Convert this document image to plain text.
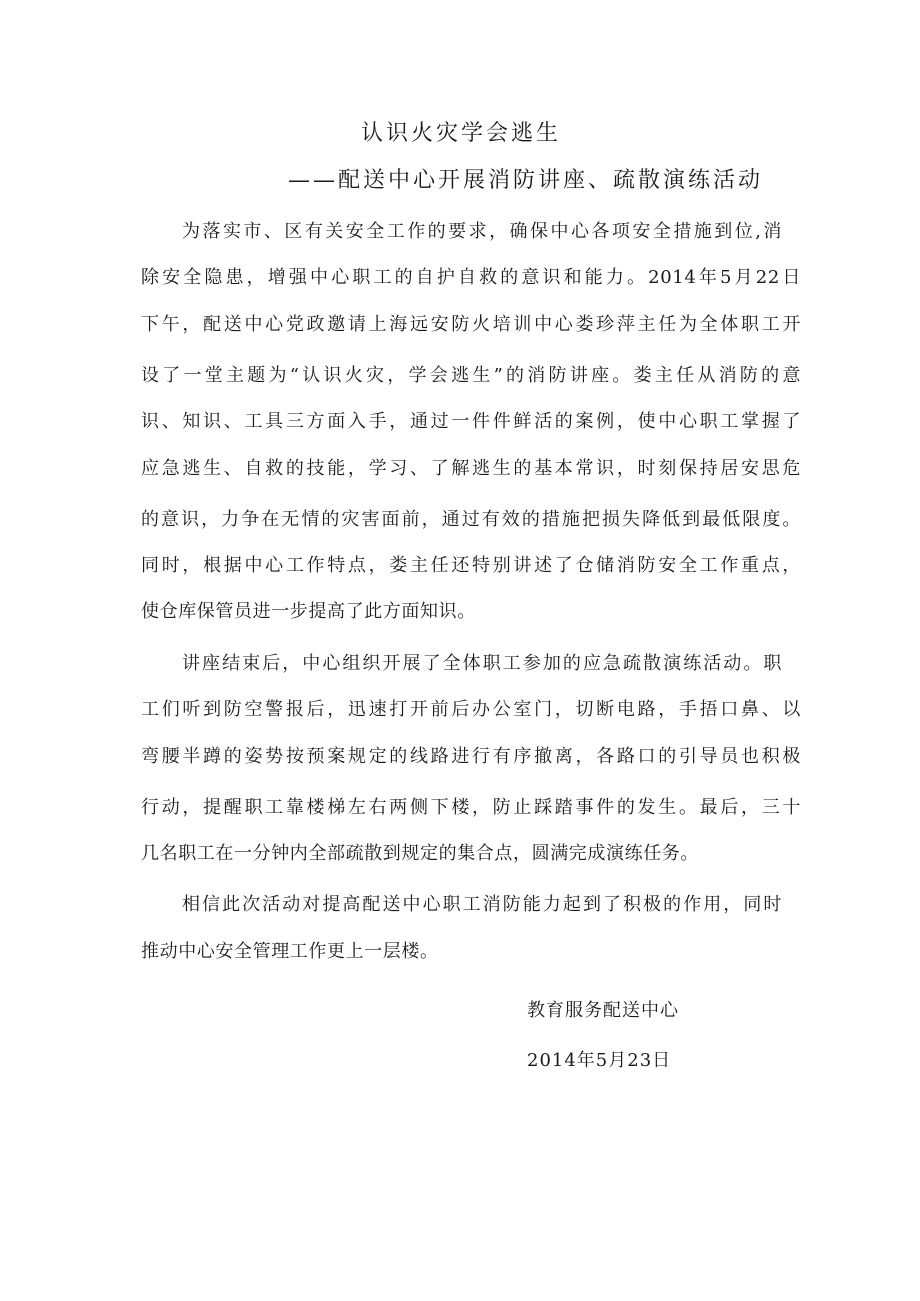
认识火灾学会逃生
——配送中心开展消防讲座、疏散演练活动
为落实市、区有关安全工作的要求，确保中心各项安全措施到位,消
除安全隐患，增强中心职工的自护自救的意识和能力。2014年5月22日
下午，配送中心党政邀请上海远安防火培训中心娄珍萍主任为全体职工开
设了一堂主题为“认识火灾，学会逃生”的消防讲座。娄主任从消防的意
识、知识、工具三方面入手，通过一件件鲜活的案例，使中心职工掌握了
应急逃生、自救的技能，学习、了解逃生的基本常识，时刻保持居安思危
的意识，力争在无情的灾害面前，通过有效的措施把损失降低到最低限度。
同时，根据中心工作特点，娄主任还特别讲述了仓储消防安全工作重点，
使仓库保管员进一步提高了此方面知识。
讲座结束后，中心组织开展了全体职工参加的应急疏散演练活动。职
工们听到防空警报后，迅速打开前后办公室门，切断电路，手捂口鼻、以
弯腰半蹲的姿势按预案规定的线路进行有序撤离，各路口的引导员也积极
行动，提醒职工靠楼梯左右两侧下楼，防止踩踏事件的发生。最后，三十
几名职工在一分钟内全部疏散到规定的集合点，圆满完成演练任务。
相信此次活动对提高配送中心职工消防能力起到了积极的作用，同时
推动中心安全管理工作更上一层楼。
教育服务配送中心
2014年5月23日
